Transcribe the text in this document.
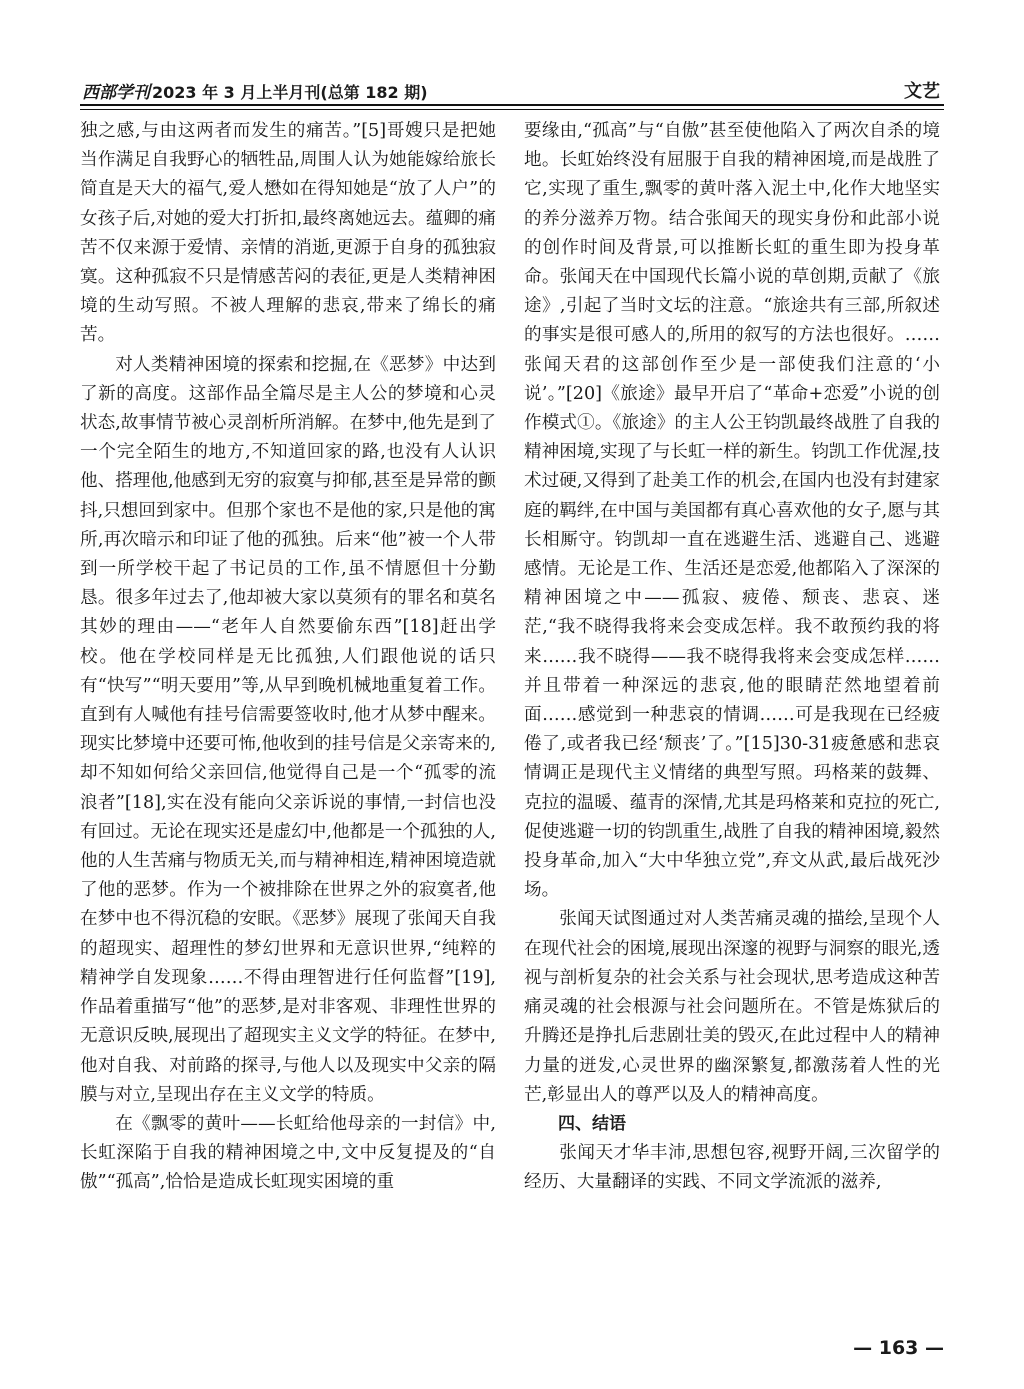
西部学刊 2023 年 3 月上半月刊(总第 182 期)	文艺

独之感,与由这两者而发生的痛苦。”[5]哥嫂只是把她当作满足自我野心的牺牲品,周围人认为她能嫁给旅长简直是天大的福气,爱人懋如在得知她是“放了人户”的女孩子后,对她的爱大打折扣,最终离她远去。蕴卿的痛苦不仅来源于爱情、亲情的消逝,更源于自身的孤独寂寞。这种孤寂不只是情感苦闷的表征,更是人类精神困境的生动写照。不被人理解的悲哀,带来了绵长的痛苦。

对人类精神困境的探索和挖掘,在《恶梦》中达到了新的高度。这部作品全篇尽是主人公的梦境和心灵状态,故事情节被心灵剖析所消解。在梦中,他先是到了一个完全陌生的地方,不知道回家的路,也没有人认识他、搭理他,他感到无穷的寂寞与抑郁,甚至是异常的颤抖,只想回到家中。但那个家也不是他的家,只是他的寓所,再次暗示和印证了他的孤独。后来“他”被一个人带到一所学校干起了书记员的工作,虽不情愿但十分勤恳。很多年过去了,他却被大家以莫须有的罪名和莫名其妙的理由——“老年人自然要偷东西”[18]赶出学校。他在学校同样是无比孤独,人们跟他说的话只有“快写”“明天要用”等,从早到晚机械地重复着工作。直到有人喊他有挂号信需要签收时,他才从梦中醒来。现实比梦境中还要可怖,他收到的挂号信是父亲寄来的,却不知如何给父亲回信,他觉得自己是一个“孤零的流浪者”[18],实在没有能向父亲诉说的事情,一封信也没有回过。无论在现实还是虚幻中,他都是一个孤独的人,他的人生苦痛与物质无关,而与精神相连,精神困境造就了他的恶梦。作为一个被排除在世界之外的寂寞者,他在梦中也不得沉稳的安眠。《恶梦》展现了张闻天自我的超现实、超理性的梦幻世界和无意识世界,“纯粹的精神学自发现象……不得由理智进行任何监督”[19],作品着重描写“他”的恶梦,是对非客观、非理性世界的无意识反映,展现出了超现实主义文学的特征。在梦中,他对自我、对前路的探寻,与他人以及现实中父亲的隔膜与对立,呈现出存在主义文学的特质。

在《飘零的黄叶——长虹给他母亲的一封信》中,长虹深陷于自我的精神困境之中,文中反复提及的“自傲”“孤高”,恰恰是造成长虹现实困境的重

要缘由,“孤高”与“自傲”甚至使他陷入了两次自杀的境地。长虹始终没有屈服于自我的精神困境,而是战胜了它,实现了重生,飘零的黄叶落入泥土中,化作大地坚实的养分滋养万物。结合张闻天的现实身份和此部小说的创作时间及背景,可以推断长虹的重生即为投身革命。张闻天在中国现代长篇小说的草创期,贡献了《旅途》,引起了当时文坛的注意。“旅途共有三部,所叙述的事实是很可感人的,所用的叙写的方法也很好。……张闻天君的这部创作至少是一部使我们注意的‘小说’。”[20]《旅途》最早开启了“革命+恋爱”小说的创作模式①。《旅途》的主人公王钧凯最终战胜了自我的精神困境,实现了与长虹一样的新生。钧凯工作优渥,技术过硬,又得到了赴美工作的机会,在国内也没有封建家庭的羁绊,在中国与美国都有真心喜欢他的女子,愿与其长相厮守。钧凯却一直在逃避生活、逃避自己、逃避感情。无论是工作、生活还是恋爱,他都陷入了深深的精神困境之中——孤寂、疲倦、颓丧、悲哀、迷茫,“我不晓得我将来会变成怎样。我不敢预约我的将来……我不晓得——我不晓得我将来会变成怎样……并且带着一种深远的悲哀,他的眼睛茫然地望着前面……感觉到一种悲哀的情调……可是我现在已经疲倦了,或者我已经‘颓丧’了。”[15]30-31疲惫感和悲哀情调正是现代主义情绪的典型写照。玛格莱的鼓舞、克拉的温暖、蕴青的深情,尤其是玛格莱和克拉的死亡,促使逃避一切的钧凯重生,战胜了自我的精神困境,毅然投身革命,加入“大中华独立党”,弃文从武,最后战死沙场。

张闻天试图通过对人类苦痛灵魂的描绘,呈现个人在现代社会的困境,展现出深邃的视野与洞察的眼光,透视与剖析复杂的社会关系与社会现状,思考造成这种苦痛灵魂的社会根源与社会问题所在。不管是炼狱后的升腾还是挣扎后悲剧壮美的毁灭,在此过程中人的精神力量的迸发,心灵世界的幽深繁复,都激荡着人性的光芒,彰显出人的尊严以及人的精神高度。

四、结语

张闻天才华丰沛,思想包容,视野开阔,三次留学的经历、大量翻译的实践、不同文学流派的滋养,

— 163 —
